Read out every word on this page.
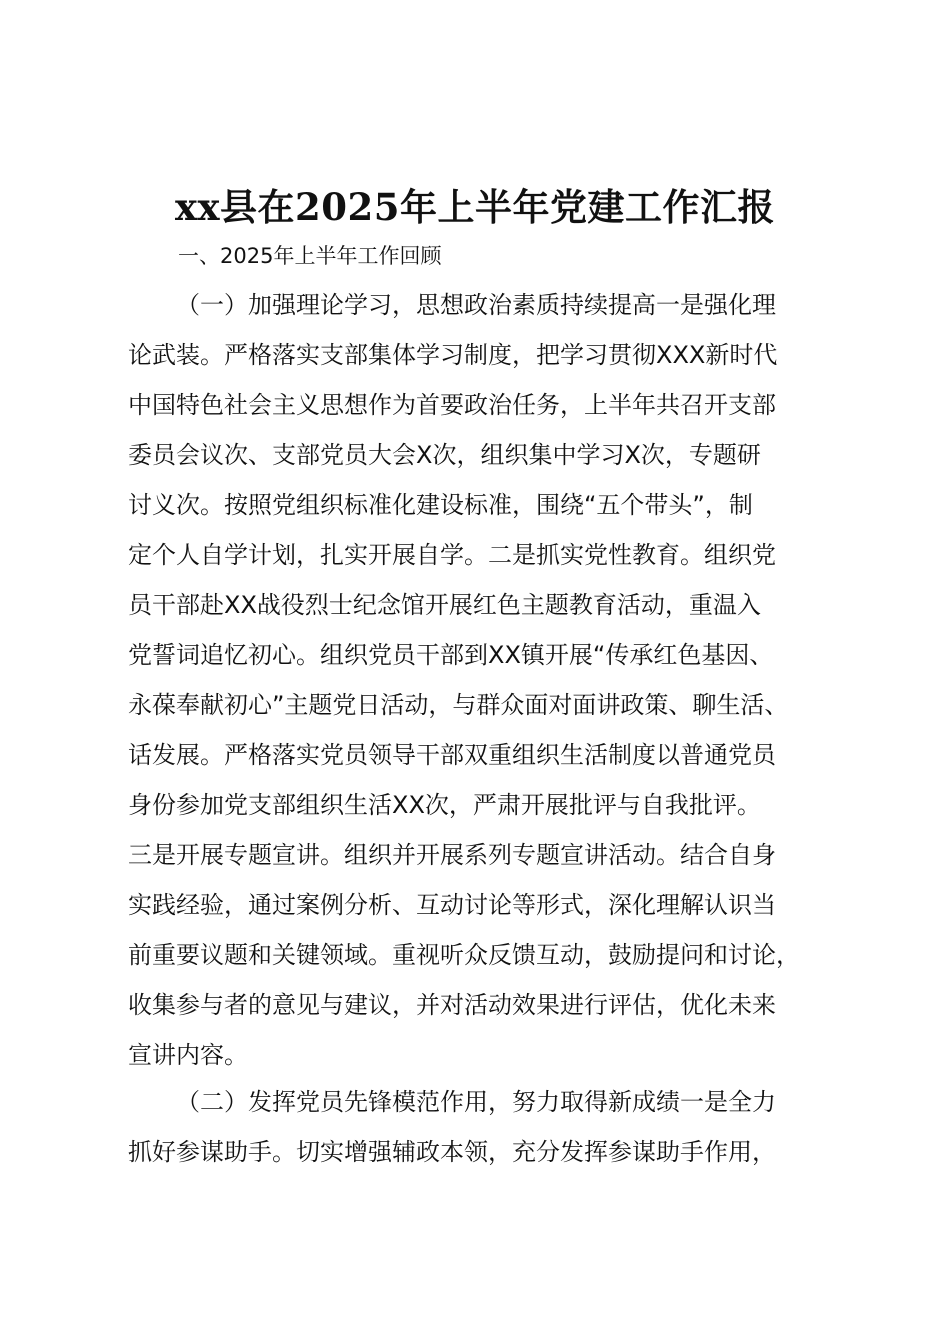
xx县在2025年上半年党建工作汇报

一、2025年上半年工作回顾

（一）加强理论学习，思想政治素质持续提高一是强化理
论武装。严格落实支部集体学习制度，把学习贯彻XXX新时代
中国特色社会主义思想作为首要政治任务，上半年共召开支部
委员会议次、支部党员大会X次，组织集中学习X次，专题研
讨义次。按照党组织标准化建设标准，围绕“五个带头”，制
定个人自学计划，扎实开展自学。二是抓实党性教育。组织党
员干部赴XX战役烈士纪念馆开展红色主题教育活动，重温入
党誓词追忆初心。组织党员干部到XX镇开展“传承红色基因、
永葆奉献初心”主题党日活动，与群众面对面讲政策、聊生活、
话发展。严格落实党员领导干部双重组织生活制度以普通党员
身份参加党支部组织生活XX次，严肃开展批评与自我批评。
三是开展专题宣讲。组织并开展系列专题宣讲活动。结合自身
实践经验，通过案例分析、互动讨论等形式，深化理解认识当
前重要议题和关键领域。重视听众反馈互动，鼓励提问和讨论，
收集参与者的意见与建议，并对活动效果进行评估，优化未来
宣讲内容。

（二）发挥党员先锋模范作用，努力取得新成绩一是全力
抓好参谋助手。切实增强辅政本领，充分发挥参谋助手作用，
